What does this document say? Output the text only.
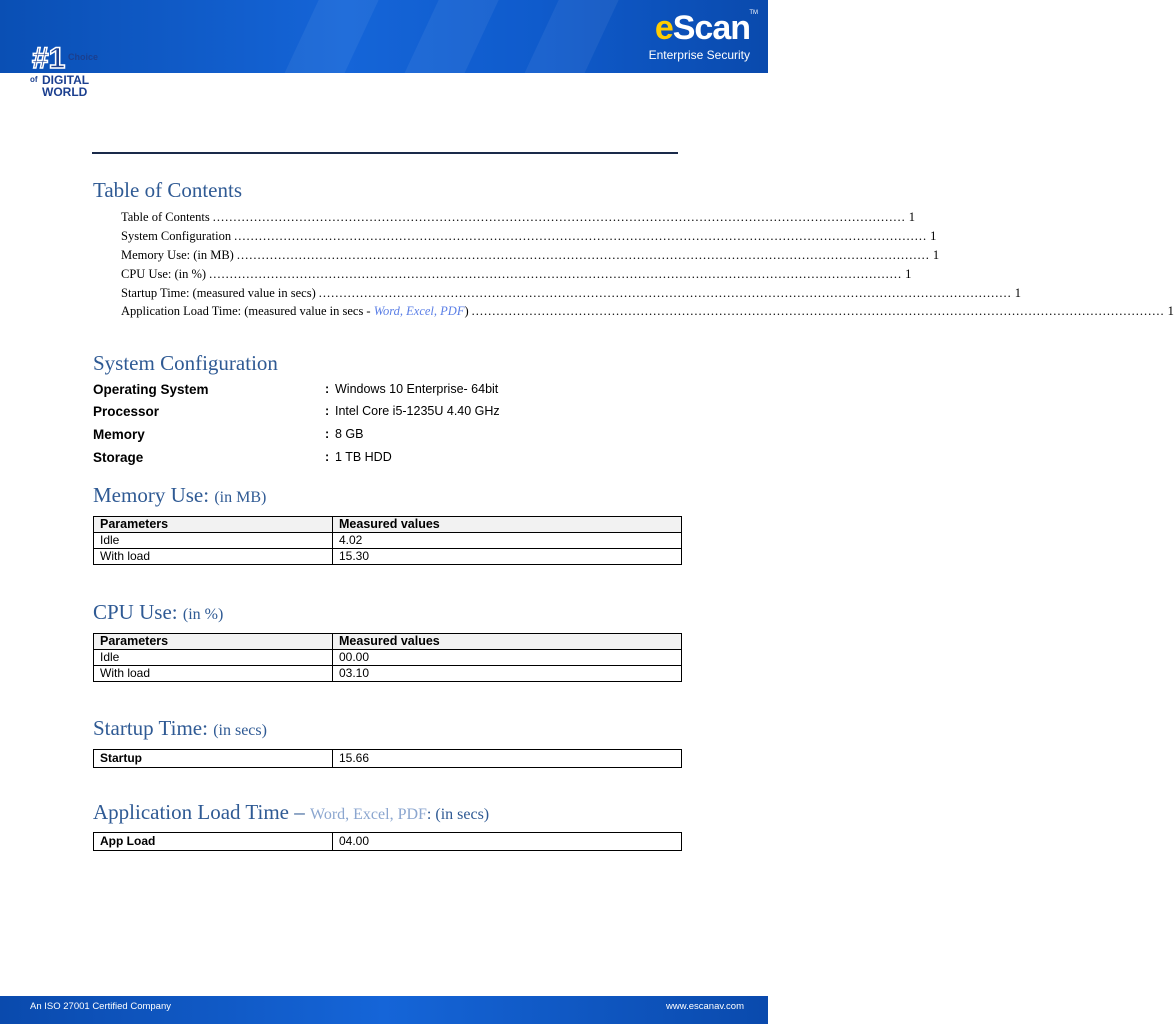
eScan TM
Enterprise Security
#1 Choice
of DIGITAL
WORLD
Table of Contents
Table of Contents ........................................................................................................................................................................ 1
System Configuration ........................................................................................................................................................................ 1
Memory Use: (in MB) ........................................................................................................................................................................ 1
CPU Use: (in %) ........................................................................................................................................................................ 1
Startup Time: (measured value in secs) ........................................................................................................................................................................ 1
Application Load Time: (measured value in secs - Word, Excel, PDF) ........................................................................................................................................................................ 1
System Configuration
Operating System	: Windows 10 Enterprise- 64bit
Processor	: Intel Core i5-1235U 4.40 GHz
Memory	: 8 GB
Storage	: 1 TB HDD
Memory Use: (in MB)
Parameters	Measured values
Idle	4.02
With load	15.30
CPU Use: (in %)
Parameters	Measured values
Idle	00.00
With load	03.10
Startup Time: (in secs)
Startup	15.66
Application Load Time – Word, Excel, PDF: (in secs)
App Load	04.00
An ISO 27001 Certified Company	www.escanav.com
